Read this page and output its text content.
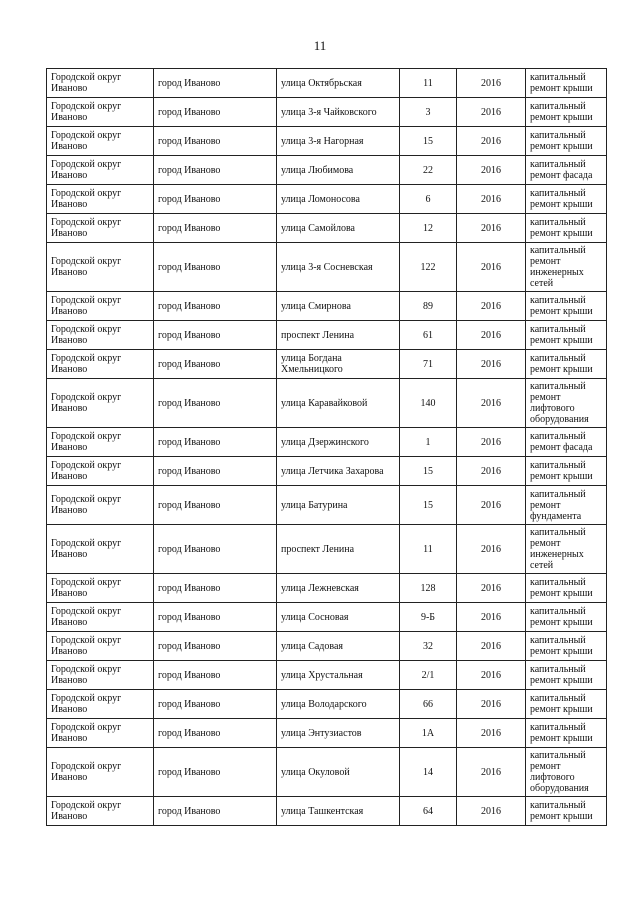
11
Городской округ Иваново	город Иваново	улица Октябрьская	11	2016	капитальный ремонт крыши
Городской округ Иваново	город Иваново	улица 3-я Чайковского	3	2016	капитальный ремонт крыши
Городской округ Иваново	город Иваново	улица 3-я Нагорная	15	2016	капитальный ремонт крыши
Городской округ Иваново	город Иваново	улица Любимова	22	2016	капитальный ремонт фасада
Городской округ Иваново	город Иваново	улица Ломоносова	6	2016	капитальный ремонт крыши
Городской округ Иваново	город Иваново	улица Самойлова	12	2016	капитальный ремонт крыши
Городской округ Иваново	город Иваново	улица 3-я Сосневская	122	2016	капитальный ремонт инженерных сетей
Городской округ Иваново	город Иваново	улица Смирнова	89	2016	капитальный ремонт крыши
Городской округ Иваново	город Иваново	проспект Ленина	61	2016	капитальный ремонт крыши
Городской округ Иваново	город Иваново	улица Богдана Хмельницкого	71	2016	капитальный ремонт крыши
Городской округ Иваново	город Иваново	улица Каравайковой	140	2016	капитальный ремонт лифтового оборудования
Городской округ Иваново	город Иваново	улица Дзержинского	1	2016	капитальный ремонт фасада
Городской округ Иваново	город Иваново	улица Летчика Захарова	15	2016	капитальный ремонт крыши
Городской округ Иваново	город Иваново	улица Батурина	15	2016	капитальный ремонт фундамента
Городской округ Иваново	город Иваново	проспект Ленина	11	2016	капитальный ремонт инженерных сетей
Городской округ Иваново	город Иваново	улица Лежневская	128	2016	капитальный ремонт крыши
Городской округ Иваново	город Иваново	улица Сосновая	9-Б	2016	капитальный ремонт крыши
Городской округ Иваново	город Иваново	улица Садовая	32	2016	капитальный ремонт крыши
Городской округ Иваново	город Иваново	улица Хрустальная	2/1	2016	капитальный ремонт крыши
Городской округ Иваново	город Иваново	улица Володарского	66	2016	капитальный ремонт крыши
Городской округ Иваново	город Иваново	улица Энтузиастов	1А	2016	капитальный ремонт крыши
Городской округ Иваново	город Иваново	улица Окуловой	14	2016	капитальный ремонт лифтового оборудования
Городской округ Иваново	город Иваново	улица Ташкентская	64	2016	капитальный ремонт крыши
